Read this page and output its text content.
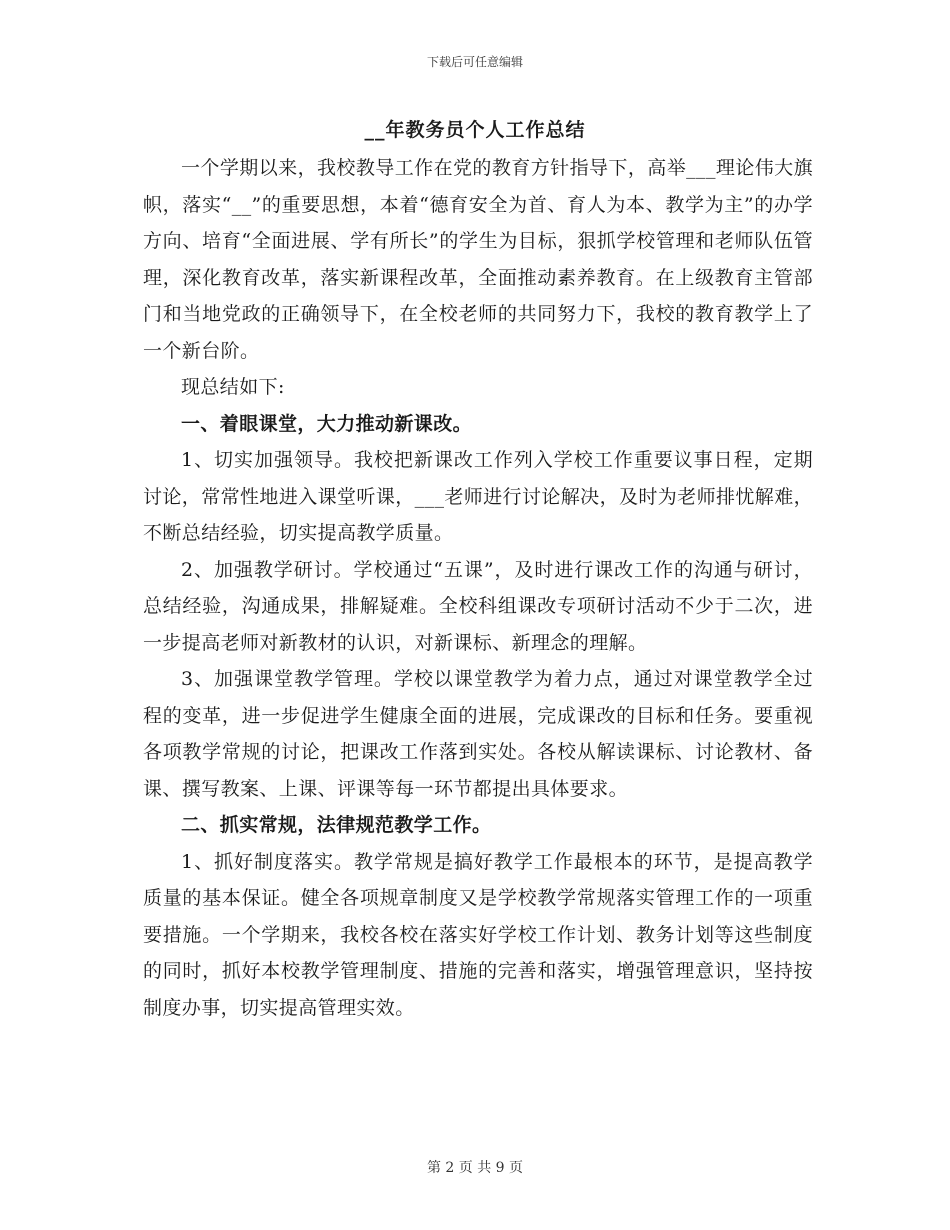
下载后可任意编辑
__年教务员个人工作总结

一个学期以来，我校教导工作在党的教育方针指导下，高举___理论伟大旗帜，落实“__”的重要思想，本着“德育安全为首、育人为本、教学为主”的办学方向、培育“全面进展、学有所长”的学生为目标，狠抓学校管理和老师队伍管理，深化教育改革，落实新课程改革，全面推动素养教育。在上级教育主管部门和当地党政的正确领导下，在全校老师的共同努力下，我校的教育教学上了一个新台阶。

现总结如下:

一、着眼课堂，大力推动新课改。

1、切实加强领导。我校把新课改工作列入学校工作重要议事日程，定期讨论，常常性地进入课堂听课，___老师进行讨论解决，及时为老师排忧解难，不断总结经验，切实提高教学质量。

2、加强教学研讨。学校通过“五课”，及时进行课改工作的沟通与研讨，总结经验，沟通成果，排解疑难。全校科组课改专项研讨活动不少于二次，进一步提高老师对新教材的认识，对新课标、新理念的理解。

3、加强课堂教学管理。学校以课堂教学为着力点，通过对课堂教学全过程的变革，进一步促进学生健康全面的进展，完成课改的目标和任务。要重视各项教学常规的讨论，把课改工作落到实处。各校从解读课标、讨论教材、备课、撰写教案、上课、评课等每一环节都提出具体要求。

二、抓实常规，法律规范教学工作。

1、抓好制度落实。教学常规是搞好教学工作最根本的环节，是提高教学质量的基本保证。健全各项规章制度又是学校教学常规落实管理工作的一项重要措施。一个学期来，我校各校在落实好学校工作计划、教务计划等这些制度的同时，抓好本校教学管理制度、措施的完善和落实，增强管理意识，坚持按制度办事，切实提高管理实效。

第 2 页 共 9 页
